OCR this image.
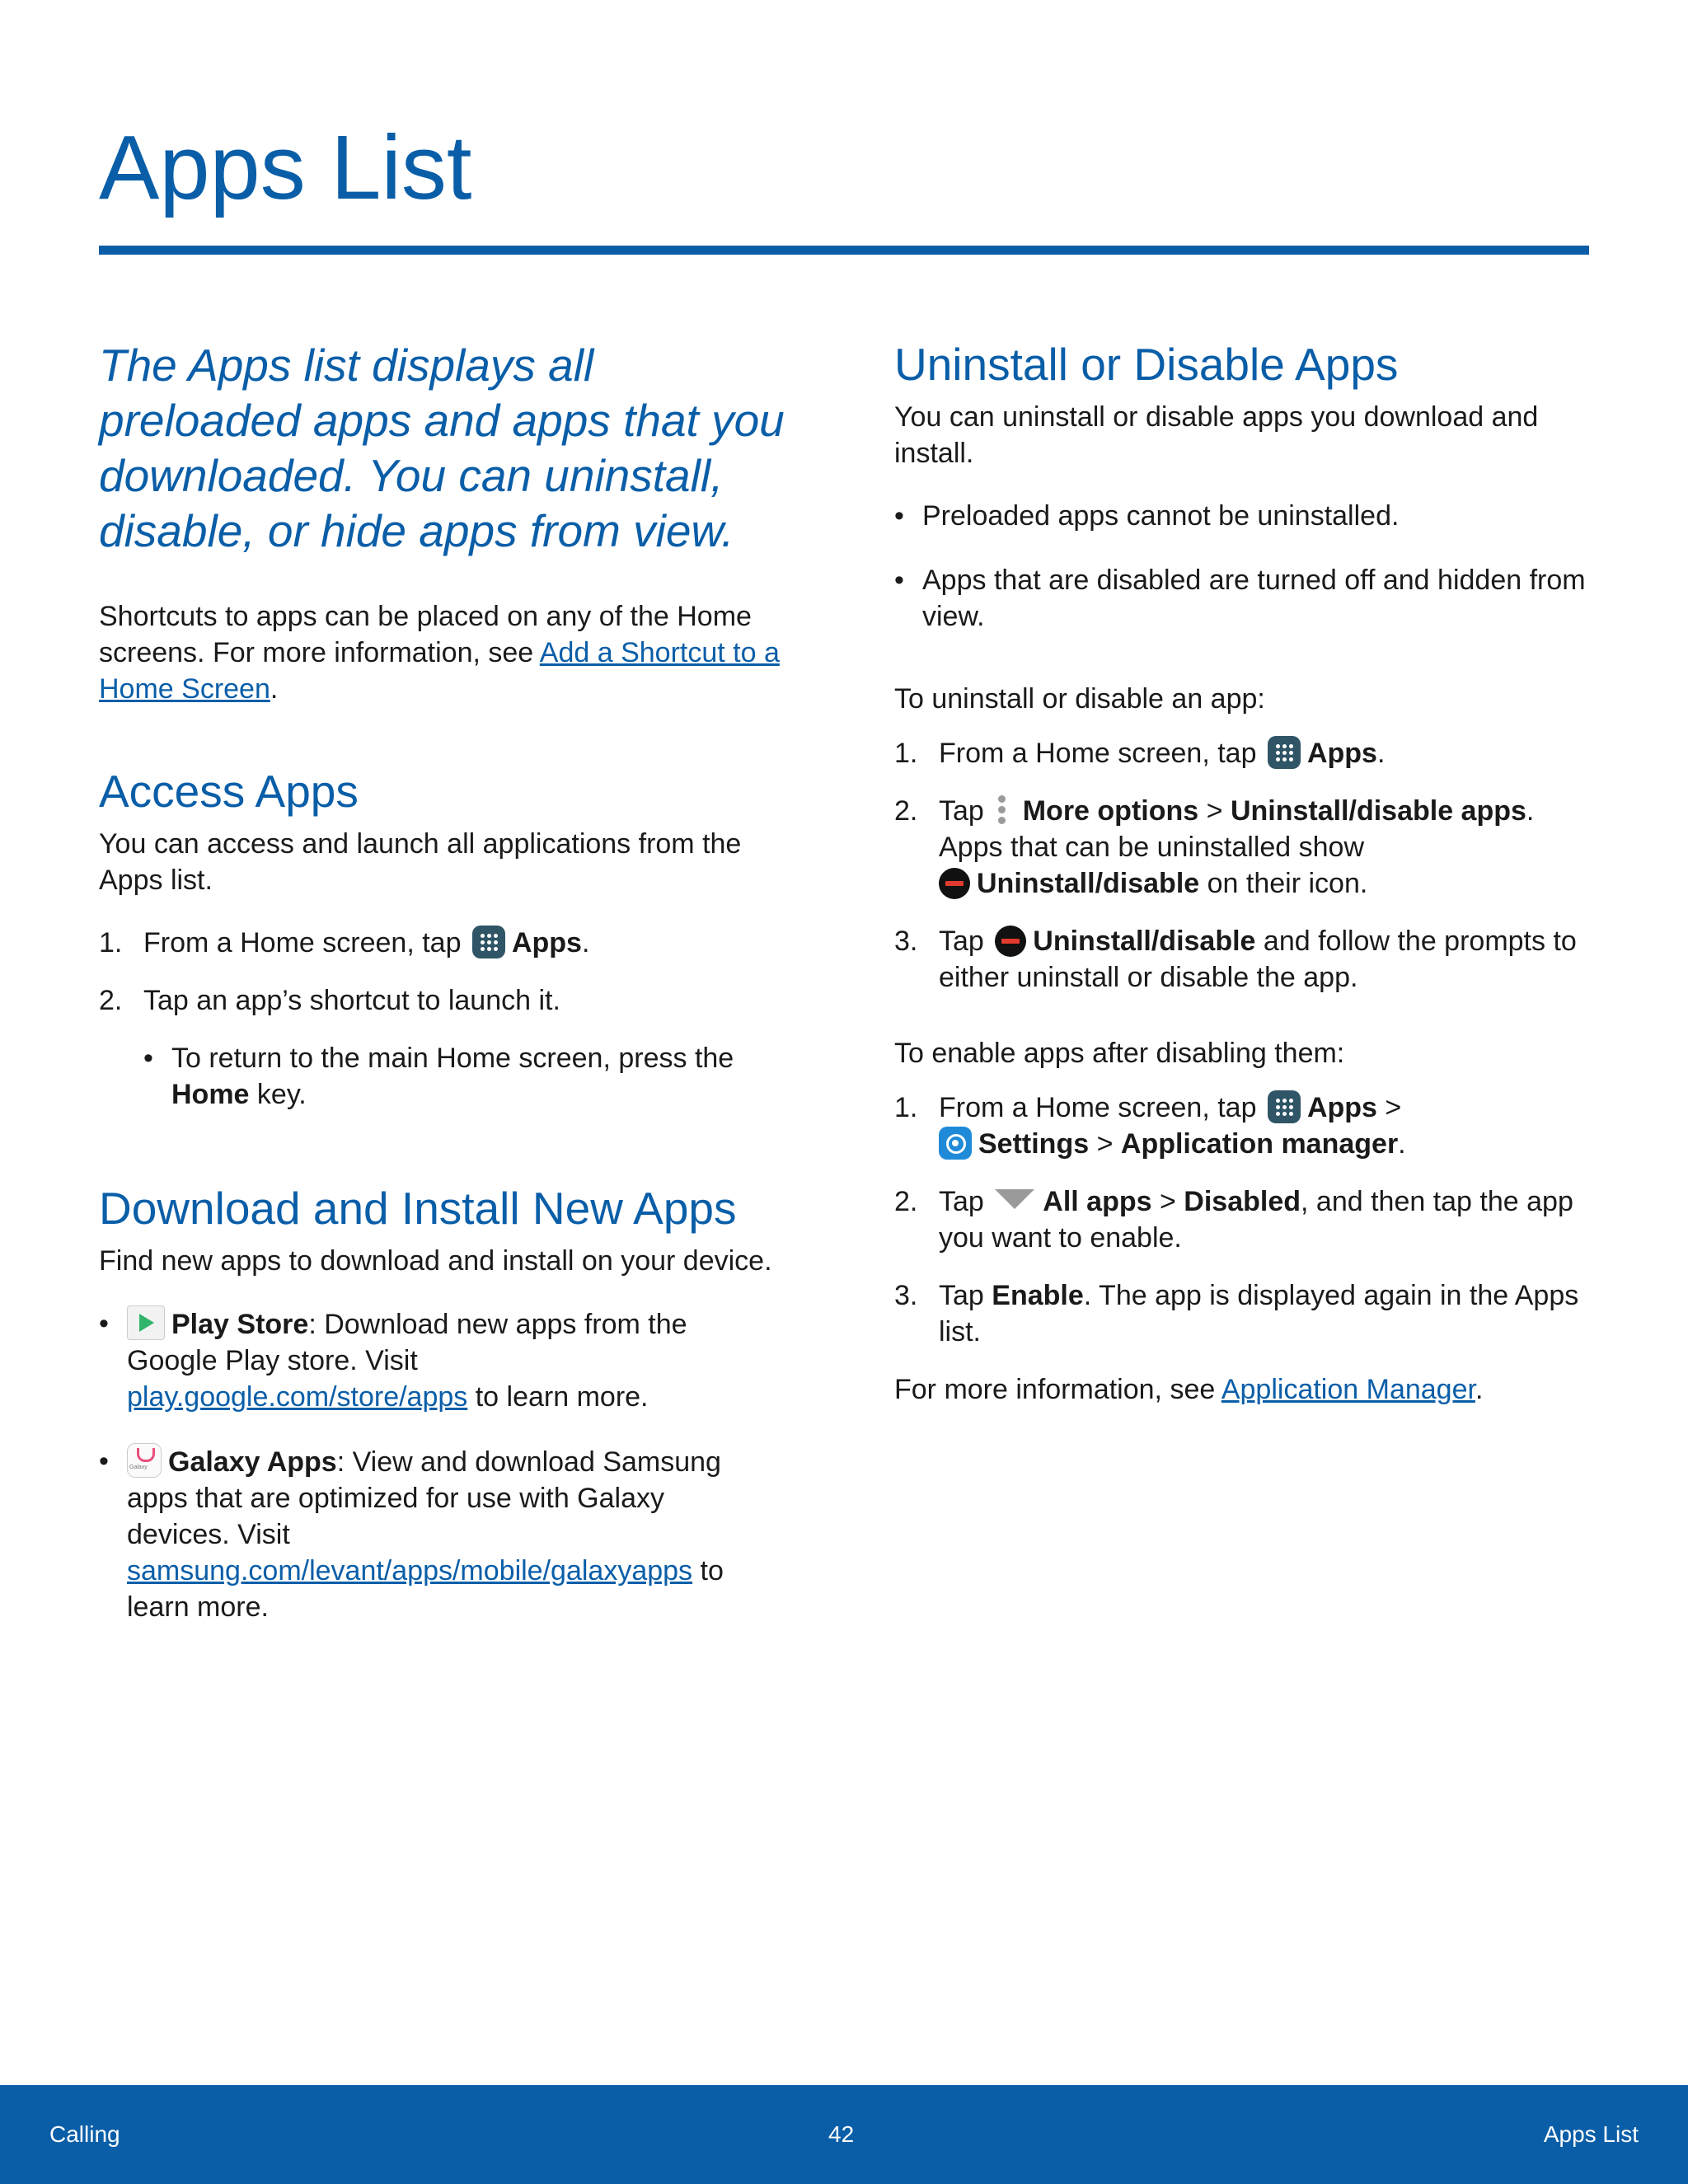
Apps List

The Apps list displays all preloaded apps and apps that you downloaded. You can uninstall, disable, or hide apps from view.

Shortcuts to apps can be placed on any of the Home screens. For more information, see Add a Shortcut to a Home Screen.

Access Apps

You can access and launch all applications from the Apps list.

1. From a Home screen, tap Apps.
2. Tap an app’s shortcut to launch it.
• To return to the main Home screen, press the Home key.
Download and Install New Apps

Find new apps to download and install on your device.

• Play Store: Download new apps from the Google Play store. Visit play.google.com/store/apps to learn more.
•	Galaxy Galaxy Apps: View and download Samsung apps that are optimized for use with Galaxy devices. Visit samsung.com/levant/apps/mobile/galaxyapps to learn more.
Uninstall or Disable Apps

You can uninstall or disable apps you download and install.

• Preloaded apps cannot be uninstalled.
• Apps that are disabled are turned off and hidden from view.

To uninstall or disable an app:

1. From a Home screen, tap Apps.
2. Tap More options > Uninstall/disable apps.
Apps that can be uninstalled show
Uninstall/disable on their icon.
3. Tap Uninstall/disable and follow the prompts to either uninstall or disable the app.

To enable apps after disabling them:

1. From a Home screen, tap Apps >
Settings > Application manager.
2. Tap All apps > Disabled, and then tap the app you want to enable.
3. Tap Enable. The app is displayed again in the Apps list.

For more information, see Application Manager.

Calling	42	Apps List
